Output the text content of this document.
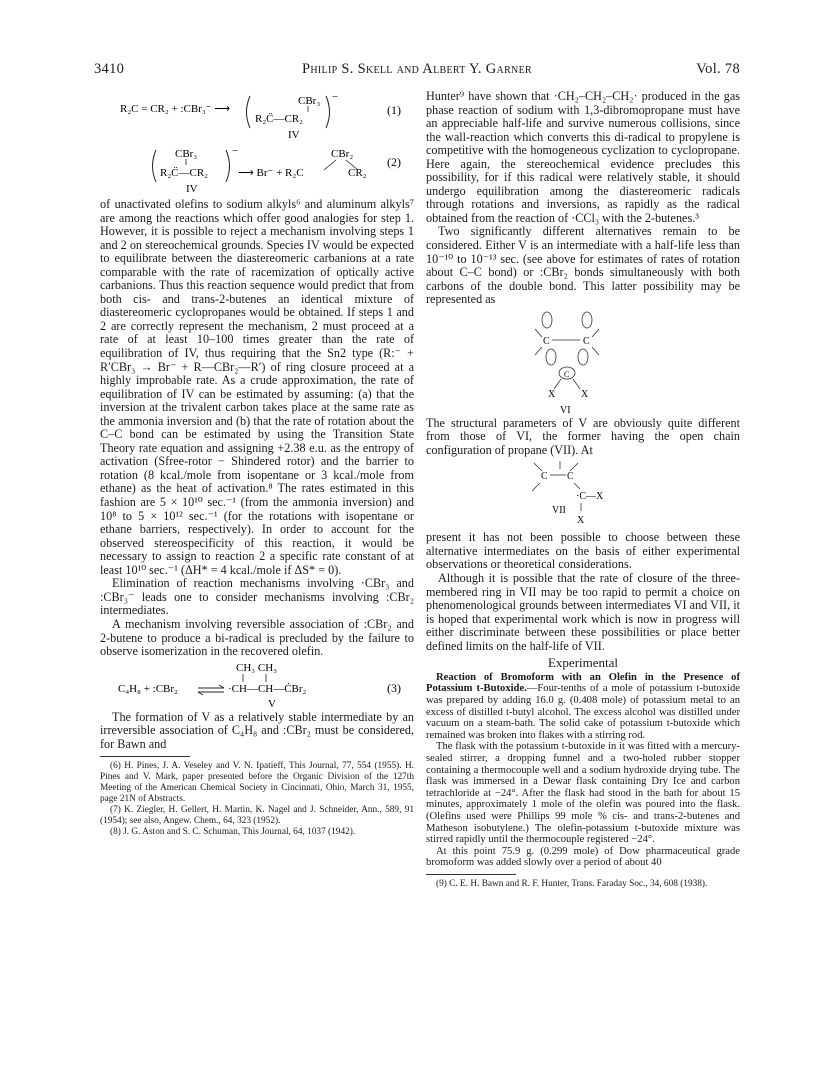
3410	Philip S. Skell and Albert Y. Garner	Vol. 78
R₂C = CR₂ + :CBr₃⁻ ⟶
CBr₃
R₂C̈—CR₂
−
IV
(1)
CBr₃
R₂C̈—CR₂
−
⟶ Br⁻ + R₂C
CBr₂
CR₂
IV
(2)

of unactivated olefins to sodium alkyls⁶ and aluminum alkyls⁷ are among the reactions which offer good analogies for step 1. However, it is possible to reject a mechanism involving steps 1 and 2 on stereochemical grounds. Species IV would be expected to equilibrate between the diastereomeric carbanions at a rate comparable with the rate of racemization of optically active carbanions. Thus this reaction sequence would predict that from both cis- and trans-2-butenes an identical mixture of diastereomeric cyclopropanes would be obtained. If steps 1 and 2 are correctly represent the mechanism, 2 must proceed at a rate of at least 10–100 times greater than the rate of equilibration of IV, thus requiring that the Sn2 type (R:⁻ + R′CBr₃ → Br⁻ + R—CBr₂—R′) of ring closure proceed at a highly improbable rate. As a crude approximation, the rate of equilibration of IV can be estimated by assuming: (a) that the inversion at the trivalent carbon takes place at the same rate as the ammonia inversion and (b) that the rate of rotation about the C–C bond can be estimated by using the Transition State Theory rate equation and assigning +2.38 e.u. as the entropy of activation (Sfree-rotor − Shindered rotor) and the barrier to rotation (8 kcal./mole from isopentane or 3 kcal./mole from ethane) as the heat of activation.⁸ The rates estimated in this fashion are 5 × 10¹⁰ sec.⁻¹ (from the ammonia inversion) and 10⁸ to 5 × 10¹² sec.⁻¹ (for the rotations with isopentane or ethane barriers, respectively). In order to account for the observed stereospecificity of this reaction, it would be necessary to assign to reaction 2 a specific rate constant of at least 10¹⁰ sec.⁻¹ (ΔH* = 4 kcal./mole if ΔS* = 0).

Elimination of reaction mechanisms involving ·CBr₃ and :CBr₃⁻ leads one to consider mechanisms involving :CBr₂ intermediates.

A mechanism involving reversible association of :CBr₂ and 2-butene to produce a bi-radical is precluded by the failure to observe isomerization in the recovered olefin.

CH₃ CH₃
C₄H₈ + :CBr₂	·CH—CH—ĊBr₂
V
(3)

The formation of V as a relatively stable intermediate by an irreversible association of C₄H₈ and :CBr₂ must be considered, for Bawn and

(6) H. Pines, J. A. Veseley and V. N. Ipatieff, This Journal, 77, 554 (1955). H. Pines and V. Mark, paper presented before the Organic Division of the 127th Meeting of the American Chemical Society in Cincinnati, Ohio, March 31, 1955, page 21N of Abstracts.

(7) K. Ziegler, H. Gellert, H. Martin, K. Nagel and J. Schneider, Ann., 589, 91 (1954); see also, Angew. Chem., 64, 323 (1952).

(8) J. G. Aston and S. C. Schuman, This Journal, 64, 1037 (1942).

Hunter⁹ have shown that ·CH₂–CH₂–CH₂· produced in the gas phase reaction of sodium with 1,3-dibromopropane must have an appreciable half-life and survive numerous collisions, since the wall-reaction which converts this di-radical to propylene is competitive with the homogeneous cyclization to cyclopropane. Here again, the stereochemical evidence precludes this possibility, for if this radical were relatively stable, it should undergo equilibration among the diastereomeric radicals through rotations and inversions, as rapidly as the radical obtained from the reaction of ·CCl₃ with the 2-butenes.³

Two significantly different alternatives remain to be considered. Either V is an intermediate with a half-life less than 10⁻¹⁰ to 10⁻¹³ sec. (see above for estimates of rates of rotation about C–C bond) or :CBr₂ bonds simultaneously with both carbons of the double bond. This latter possibility may be represented as

C	C
C
X	X
VI

The structural parameters of V are obviously quite different from those of VI, the former having the open chain configuration of propane (VII). At

C C
·C—X
VII
X

present it has not been possible to choose between these alternative intermediates on the basis of either experimental observations or theoretical considerations.

Although it is possible that the rate of closure of the three-membered ring in VII may be too rapid to permit a choice on phenomenological grounds between intermediates VI and VII, it is hoped that experimental work which is now in progress will either discriminate between these possibilities or place better defined limits on the half-life of VII.

Experimental

Reaction of Bromoform with an Olefin in the Presence of Potassium t-Butoxide.—Four-tenths of a mole of potassium t-butoxide was prepared by adding 16.0 g. (0.408 mole) of potassium metal to an excess of distilled t-butyl alcohol. The excess alcohol was distilled under vacuum on a steam-bath. The solid cake of potassium t-butoxide which remained was broken into flakes with a stirring rod.

The flask with the potassium t-butoxide in it was fitted with a mercury-sealed stirrer, a dropping funnel and a two-holed rubber stopper containing a thermocouple well and a sodium hydroxide drying tube. The flask was immersed in a Dewar flask containing Dry Ice and carbon tetrachloride at −24°. After the flask had stood in the bath for about 15 minutes, approximately 1 mole of the olefin was poured into the flask. (Olefins used were Phillips 99 mole % cis- and trans-2-butenes and Matheson isobutylene.) The olefin-potassium t-butoxide mixture was stirred rapidly until the thermocouple registered −24°.

At this point 75.9 g. (0.299 mole) of Dow pharmaceutical grade bromoform was added slowly over a period of about 40

(9) C. E. H. Bawn and R. F. Hunter, Trans. Faraday Soc., 34, 608 (1938).
